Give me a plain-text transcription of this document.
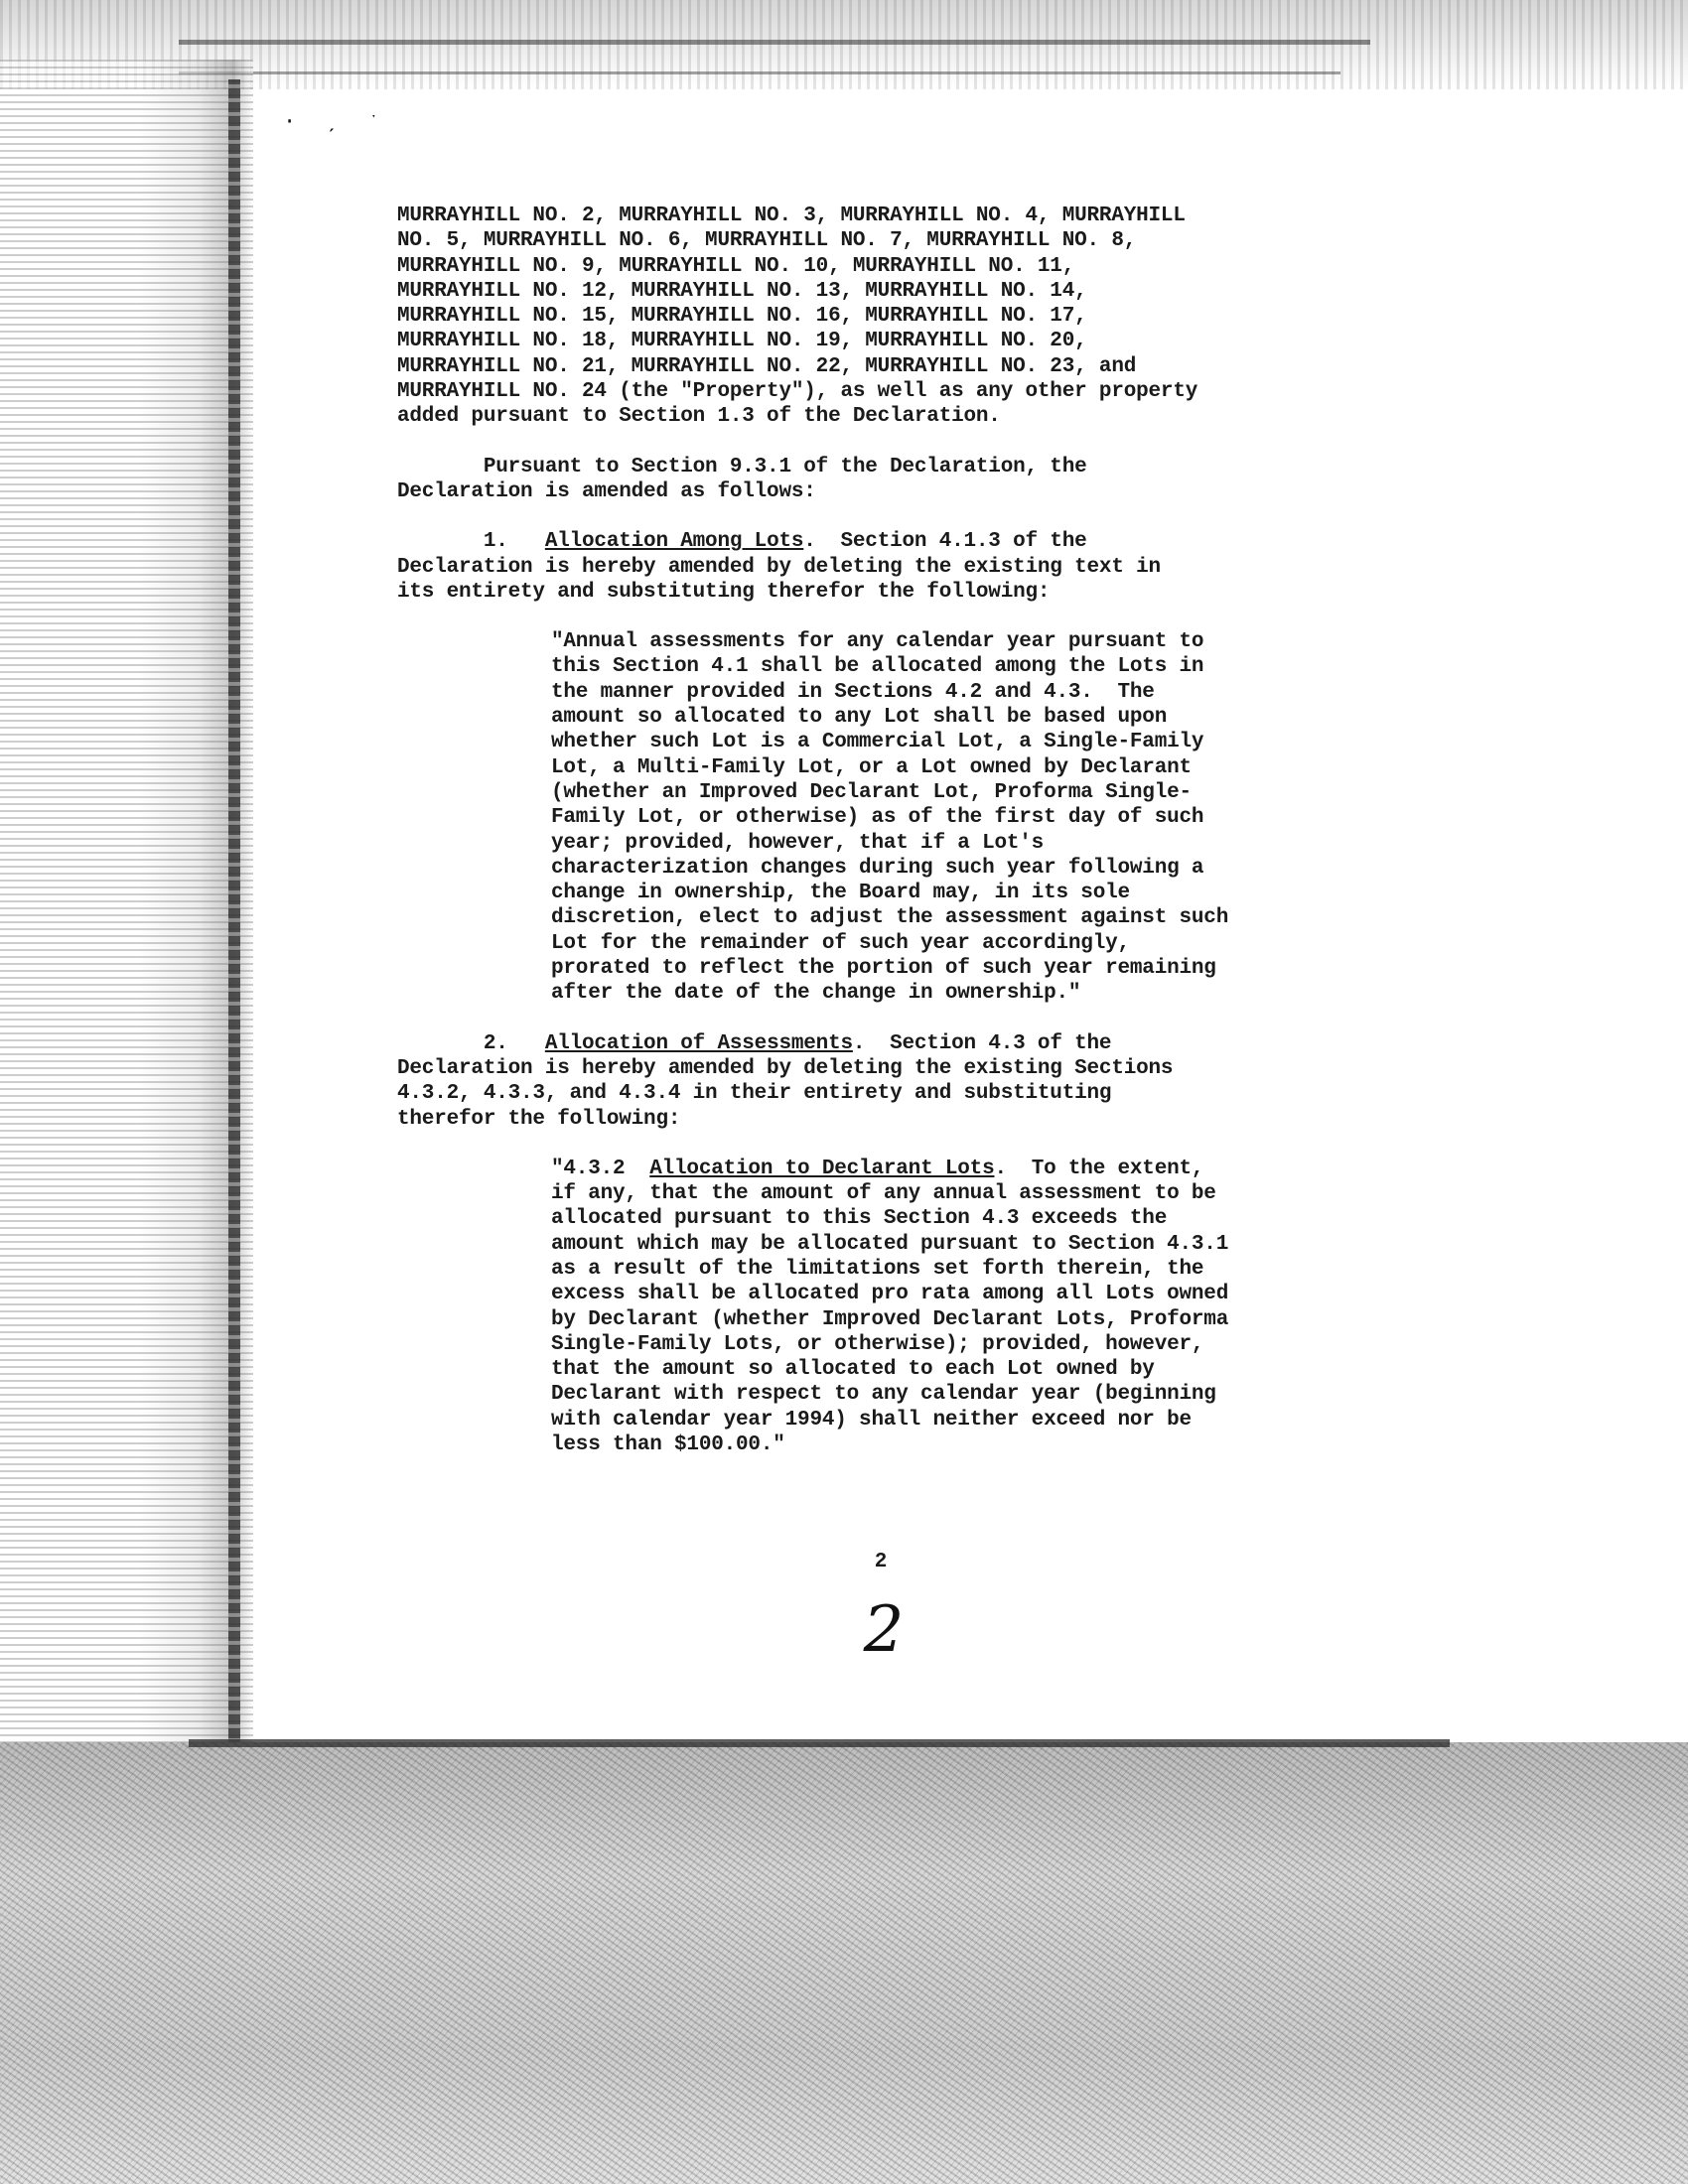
· ˏ ˑ
MURRAYHILL NO. 2, MURRAYHILL NO. 3, MURRAYHILL NO. 4, MURRAYHILL
NO. 5, MURRAYHILL NO. 6, MURRAYHILL NO. 7, MURRAYHILL NO. 8,
MURRAYHILL NO. 9, MURRAYHILL NO. 10, MURRAYHILL NO. 11,
MURRAYHILL NO. 12, MURRAYHILL NO. 13, MURRAYHILL NO. 14,
MURRAYHILL NO. 15, MURRAYHILL NO. 16, MURRAYHILL NO. 17,
MURRAYHILL NO. 18, MURRAYHILL NO. 19, MURRAYHILL NO. 20,
MURRAYHILL NO. 21, MURRAYHILL NO. 22, MURRAYHILL NO. 23, and
MURRAYHILL NO. 24 (the "Property"), as well as any other property
added pursuant to Section 1.3 of the Declaration.
Pursuant to Section 9.3.1 of the Declaration, the
Declaration is amended as follows:
1.   Allocation Among Lots.  Section 4.1.3 of the
Declaration is hereby amended by deleting the existing text in
its entirety and substituting therefor the following:
"Annual assessments for any calendar year pursuant to
this Section 4.1 shall be allocated among the Lots in
the manner provided in Sections 4.2 and 4.3.  The
amount so allocated to any Lot shall be based upon
whether such Lot is a Commercial Lot, a Single-Family
Lot, a Multi-Family Lot, or a Lot owned by Declarant
(whether an Improved Declarant Lot, Proforma Single-
Family Lot, or otherwise) as of the first day of such
year; provided, however, that if a Lot's
characterization changes during such year following a
change in ownership, the Board may, in its sole
discretion, elect to adjust the assessment against such
Lot for the remainder of such year accordingly,
prorated to reflect the portion of such year remaining
after the date of the change in ownership."
2.   Allocation of Assessments.  Section 4.3 of the
Declaration is hereby amended by deleting the existing Sections
4.3.2, 4.3.3, and 4.3.4 in their entirety and substituting
therefor the following:
"4.3.2  Allocation to Declarant Lots.  To the extent,
if any, that the amount of any annual assessment to be
allocated pursuant to this Section 4.3 exceeds the
amount which may be allocated pursuant to Section 4.3.1
as a result of the limitations set forth therein, the
excess shall be allocated pro rata among all Lots owned
by Declarant (whether Improved Declarant Lots, Proforma
Single-Family Lots, or otherwise); provided, however,
that the amount so allocated to each Lot owned by
Declarant with respect to any calendar year (beginning
with calendar year 1994) shall neither exceed nor be
less than $100.00."
2
2
